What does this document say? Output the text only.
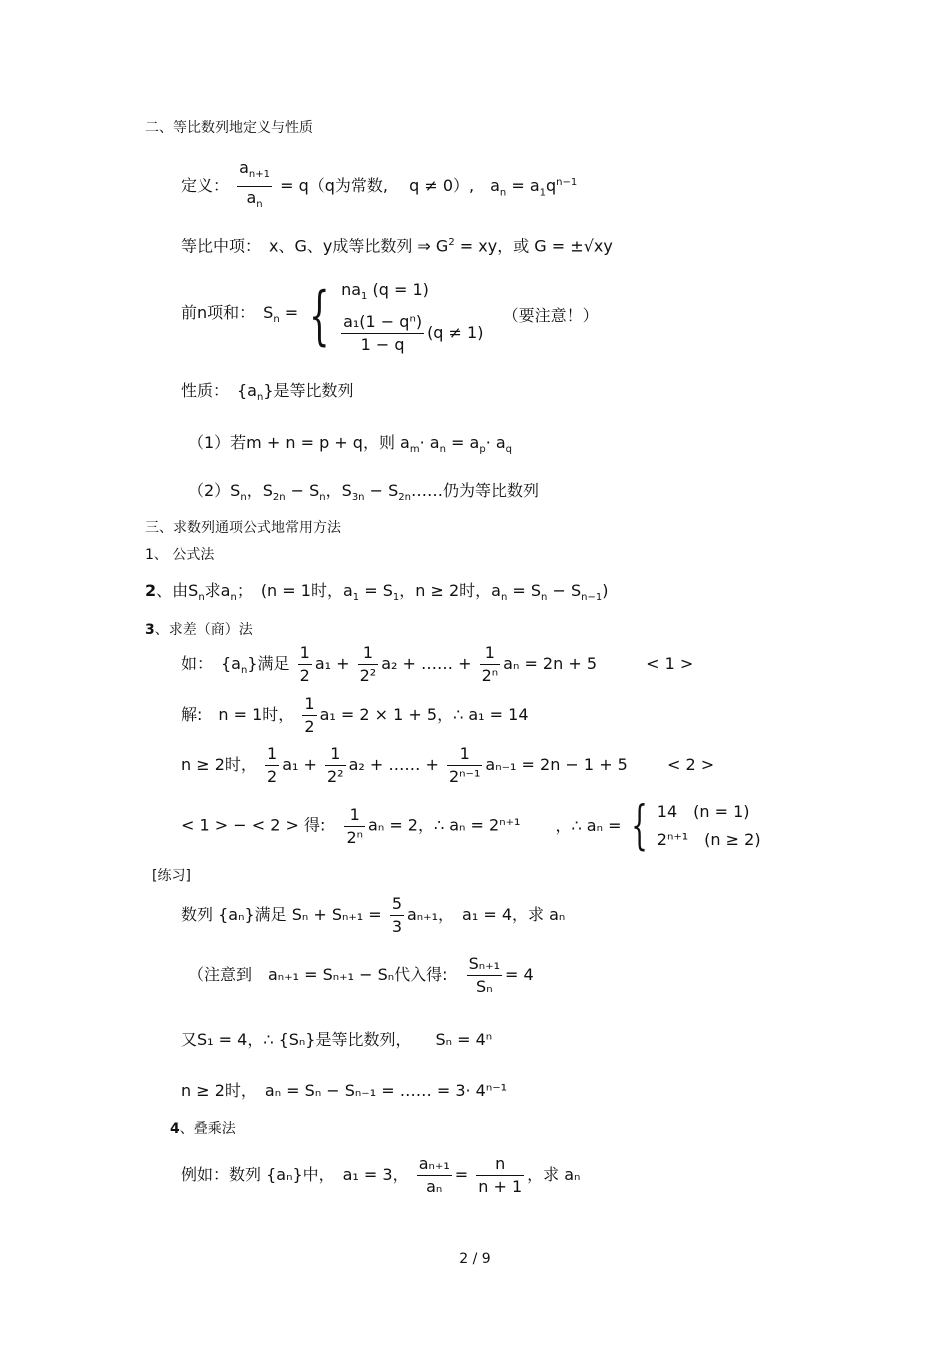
二、等比数列地定义与性质
定义： $\frac{a_{n+1}}{a_n} = q(q$为常数,　 q ≠ 0）,　$a_n = a_1q^{n-1}$
等比中项：　x、G、y成等比数列 ⇒ $G^2$ = xy，或 G = ±√xy
前n项和：　$S_n$ = { $na_1$ (q = 1)
$\frac{\text{a₁(1 − qⁿ)}}{1 - q} (q \ne 1)$
（要注意！）
性质：　$\{a_n\}$是等比数列
（1）若m + n = p + q，则 $a_m\cdot a_n = a_p\cdot a_q$
$(2)S_n$，$S_{2n} - S_n$，$S_{3n}$ − $S_{2n}\dots\dots$仍为等比数列
三、求数列通项公式地常用方法
1、 公式法
2、由$S_n$求$a_n$；　(n = 1时，$a_1 = S_1$，n ≥ 2时，$a_n = S_n - S_{n-1}$)
3、求差（商）法
如：　$\{a_n\}$满足 $\frac{1}{2} a_1 + \frac{1}{\text{2²}} a_2$ + …… + $\frac{1}{\text{2ⁿ}}$ aₙ = 2n + 5	< 1 >
解:　n = 1时， $\frac{1}{2} a_1 = 2 \times 1 + 5$，∴ a₁ = 14
n ≥ 2时， $\frac{1}{2} a_1 + \frac{1}{\text{2²}} a_2$ + …… + $\frac{1}{\text{2ⁿ⁻¹}} a_{n-1} = 2n - 1 + 5 < 2$ >
< 1 > − < 2 > 得: $\frac{1}{\text{2ⁿ}}$ aₙ = 2，∴ aₙ = 2ⁿ⁺¹ ，∴ aₙ = { 14　(n = 1)
2ⁿ⁺¹　(n ≥ 2)
[练习]
数列 {aₙ}满足 $S_n + S_{n+1} = \frac{5}{3} a_{n+1}$，　a₁ = 4，求 aₙ
（注意到　aₙ₊₁ = Sₙ₊₁ − Sₙ代入得: $\frac{\text{Sₙ₊₁}}{\text{Sₙ}} = 4$
又S₁ = 4，∴ {Sₙ}是等比数列，　　Sₙ = 4ⁿ
n ≥ 2时，　aₙ = Sₙ − Sₙ₋₁ = …… = 3· 4ⁿ⁻¹
4、叠乘法
例如：数列 {aₙ}中，　a₁ = 3， $\frac{\text{aₙ₊₁}}{\text{aₙ}} = \frac{n}{n + 1}$ ，求 aₙ
2 / 9
